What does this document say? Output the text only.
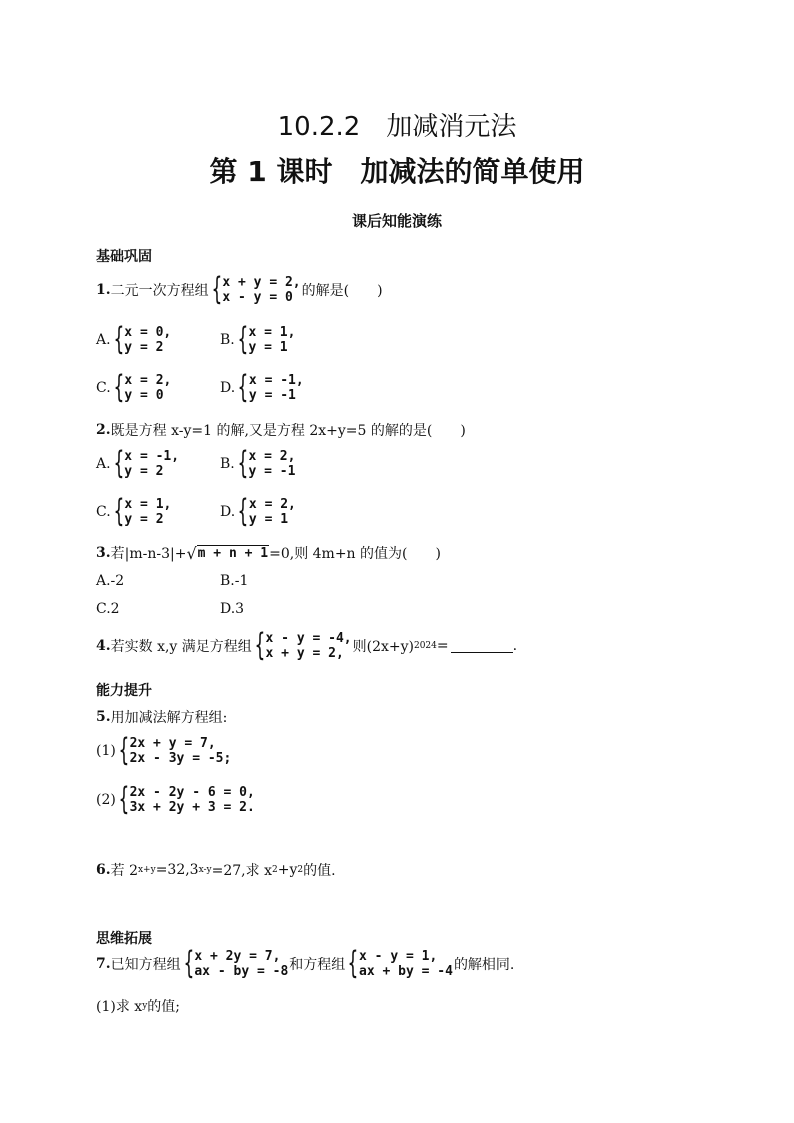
10.2.2　加减消元法
第 1 课时　加减法的简单使用
课后知能演练
基础巩固
1. 二元一次方程组 { x + y = 2,
x - y = 0 的解是(　　)
A. { x = 0,
y = 2	B. { x = 1,
y = 1
C. { x = 2,
y = 0	D. { x = -1,
y = -1
2. 既是方程 x-y=1 的解,又是方程 2x+y=5 的解的是(　　)
A. { x = -1,
y = 2	B. { x = 2,
y = -1
C. { x = 1,
y = 2	D. { x = 2,
y = 1
3. 若|m-n-3|+ √ m + n + 1 =0,则 4m+n 的值为(　　)
A.-2	B.-1
C.2	D.3
4. 若实数 x,y 满足方程组 { x - y = -4,
x + y = 2, 则(2x+y) 2024 =	.
能力提升
5. 用加减法解方程组:
(1) { 2x + y = 7,
2x - 3y = -5;
(2) { 2x - 2y - 6 = 0,
3x + 2y + 3 = 2.
6. 若 2 x+y =32,3 x-y =27,求 x 2 +y 2 的值.
思维拓展
7. 已知方程组 { x + 2y = 7,
ax - by = -8 和方程组 { x - y = 1,
ax + by = -4 的解相同.
(1)求 x y 的值;
